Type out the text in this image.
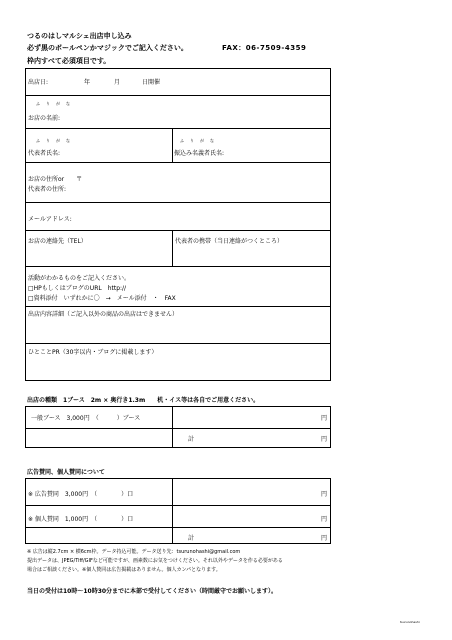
つるのはしマルシェ出店申し込み
必ず黒のボールペンかマジックでご記入ください。	FAX：06-7509-4359
枠内すべて必須項目です。
出店日:	年	月	日開催
ふ　り　が　な
お店の名前:
ふ　り　が　な
代表者氏名:
ふ　り　が　な
振込み名義者氏名:
お店の住所or　　〒
代表者の住所:
メールアドレス:
お店の連絡先（TEL）	代表者の携帯（当日連絡がつくところ）
活動がわかるものをご記入ください。
□HPもしくはブログのURL　http://
□資料添付　いずれかに〇　→　メール添付　・　FAX
出店内容詳細（ご記入以外の商品の出店はできません）
ひとことPR（30字以内・ブログに掲載します）
出店の種類　1ブース　2m × 奥行き1.3m　　机・イス等は各自でご用意ください。
一般ブース　3,000円　（　　　）ブース	円
計	円
広告賛同、個人賛同について
※ 広告賛同　3,000円　（　　　　）口	円
※ 個人賛同　1,000円　（　　　　）口	円
計	円
※ 広告は縦2.7cm × 横6cm枠。データ持込可能。データ送り先：tsurunohashi@gmail.com
提出データは、JPEG/Tiff/GIFなど可能ですが、画素数にお気をつけください。それ以外やデータを作る必要がある
場合はご相談ください。※個人賛同は広告掲載はありません。個人カンパとなります。
当日の受付は10時～10時30分までに本部で受付してください（時間厳守でお願いします）。
tsurunohashi
